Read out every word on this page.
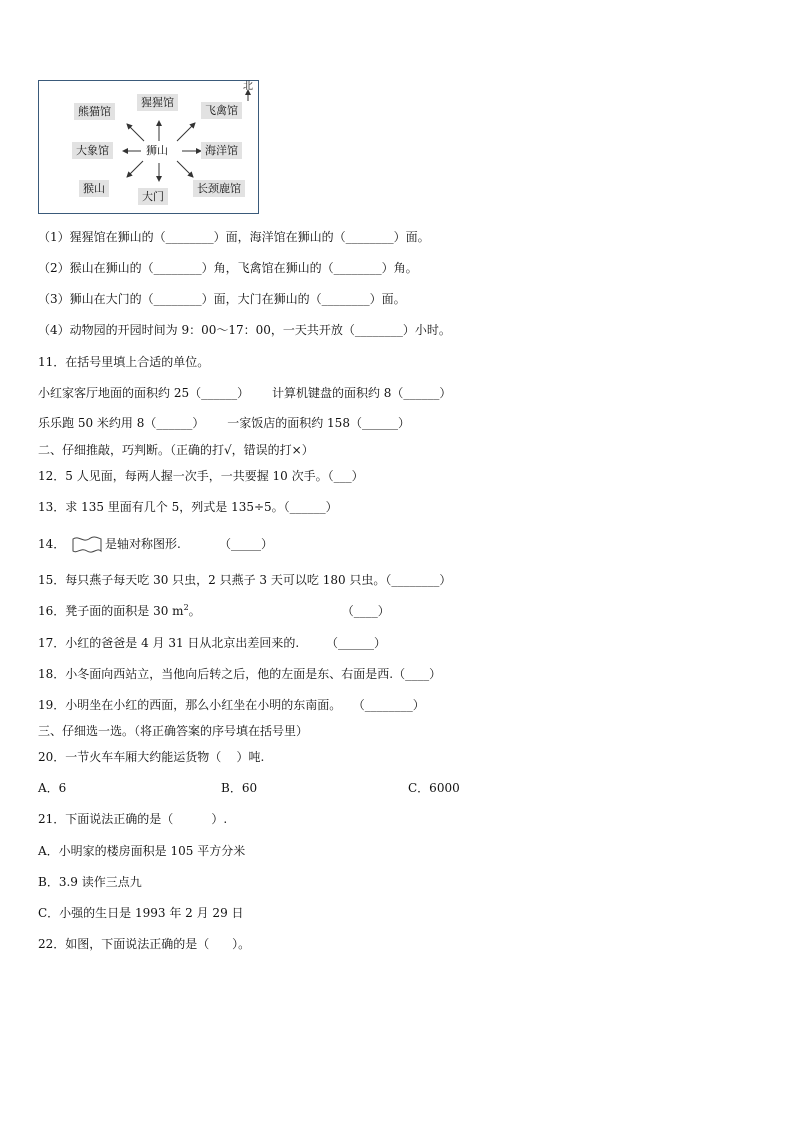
北
熊猫馆
猩猩馆
飞禽馆
大象馆	狮山	海洋馆
猴山
大门
长颈鹿馆
（1）猩猩馆在狮山的（________）面，海洋馆在狮山的（________）面。
（2）猴山在狮山的（________）角，飞禽馆在狮山的（________）角。
（3）狮山在大门的（________）面，大门在狮山的（________）面。
（4）动物园的开园时间为 9：00～17：00，一天共开放（________）小时。
11．在括号里填上合适的单位。
小红家客厅地面的面积约 25（______）      计算机键盘的面积约 8（______）
乐乐跑 50 米约用 8（______）      一家饭店的面积约 158（______）
二、仔细推敲，巧判断。（正确的打√，错误的打×）
12．5 人见面，每两人握一次手，一共要握 10 次手。（___）
13．求 135 里面有几个 5，列式是 135÷5。（______）
14．	是轴对称图形.          （_____）
15．每只燕子每天吃 30 只虫，2 只燕子 3 天可以吃 180 只虫。（________）
16．凳子面的面积是 30 $m^2$。                                     （____）
17．小红的爸爸是 4 月 31 日从北京出差回来的.       （______）
18．小冬面向西站立，当他向后转之后，他的左面是东、右面是西.（____）
19．小明坐在小红的西面，那么小红坐在小明的东南面。   （________）
三、仔细选一选。（将正确答案的序号填在括号里）
20．一节火车车厢大约能运货物（    ）吨.
A．6	B．60	C．6000
21．下面说法正确的是（          ）.
A．小明家的楼房面积是 105 平方分米
B．3.9 读作三点九
C．小强的生日是 1993 年 2 月 29 日
22．如图，下面说法正确的是（      ）。
